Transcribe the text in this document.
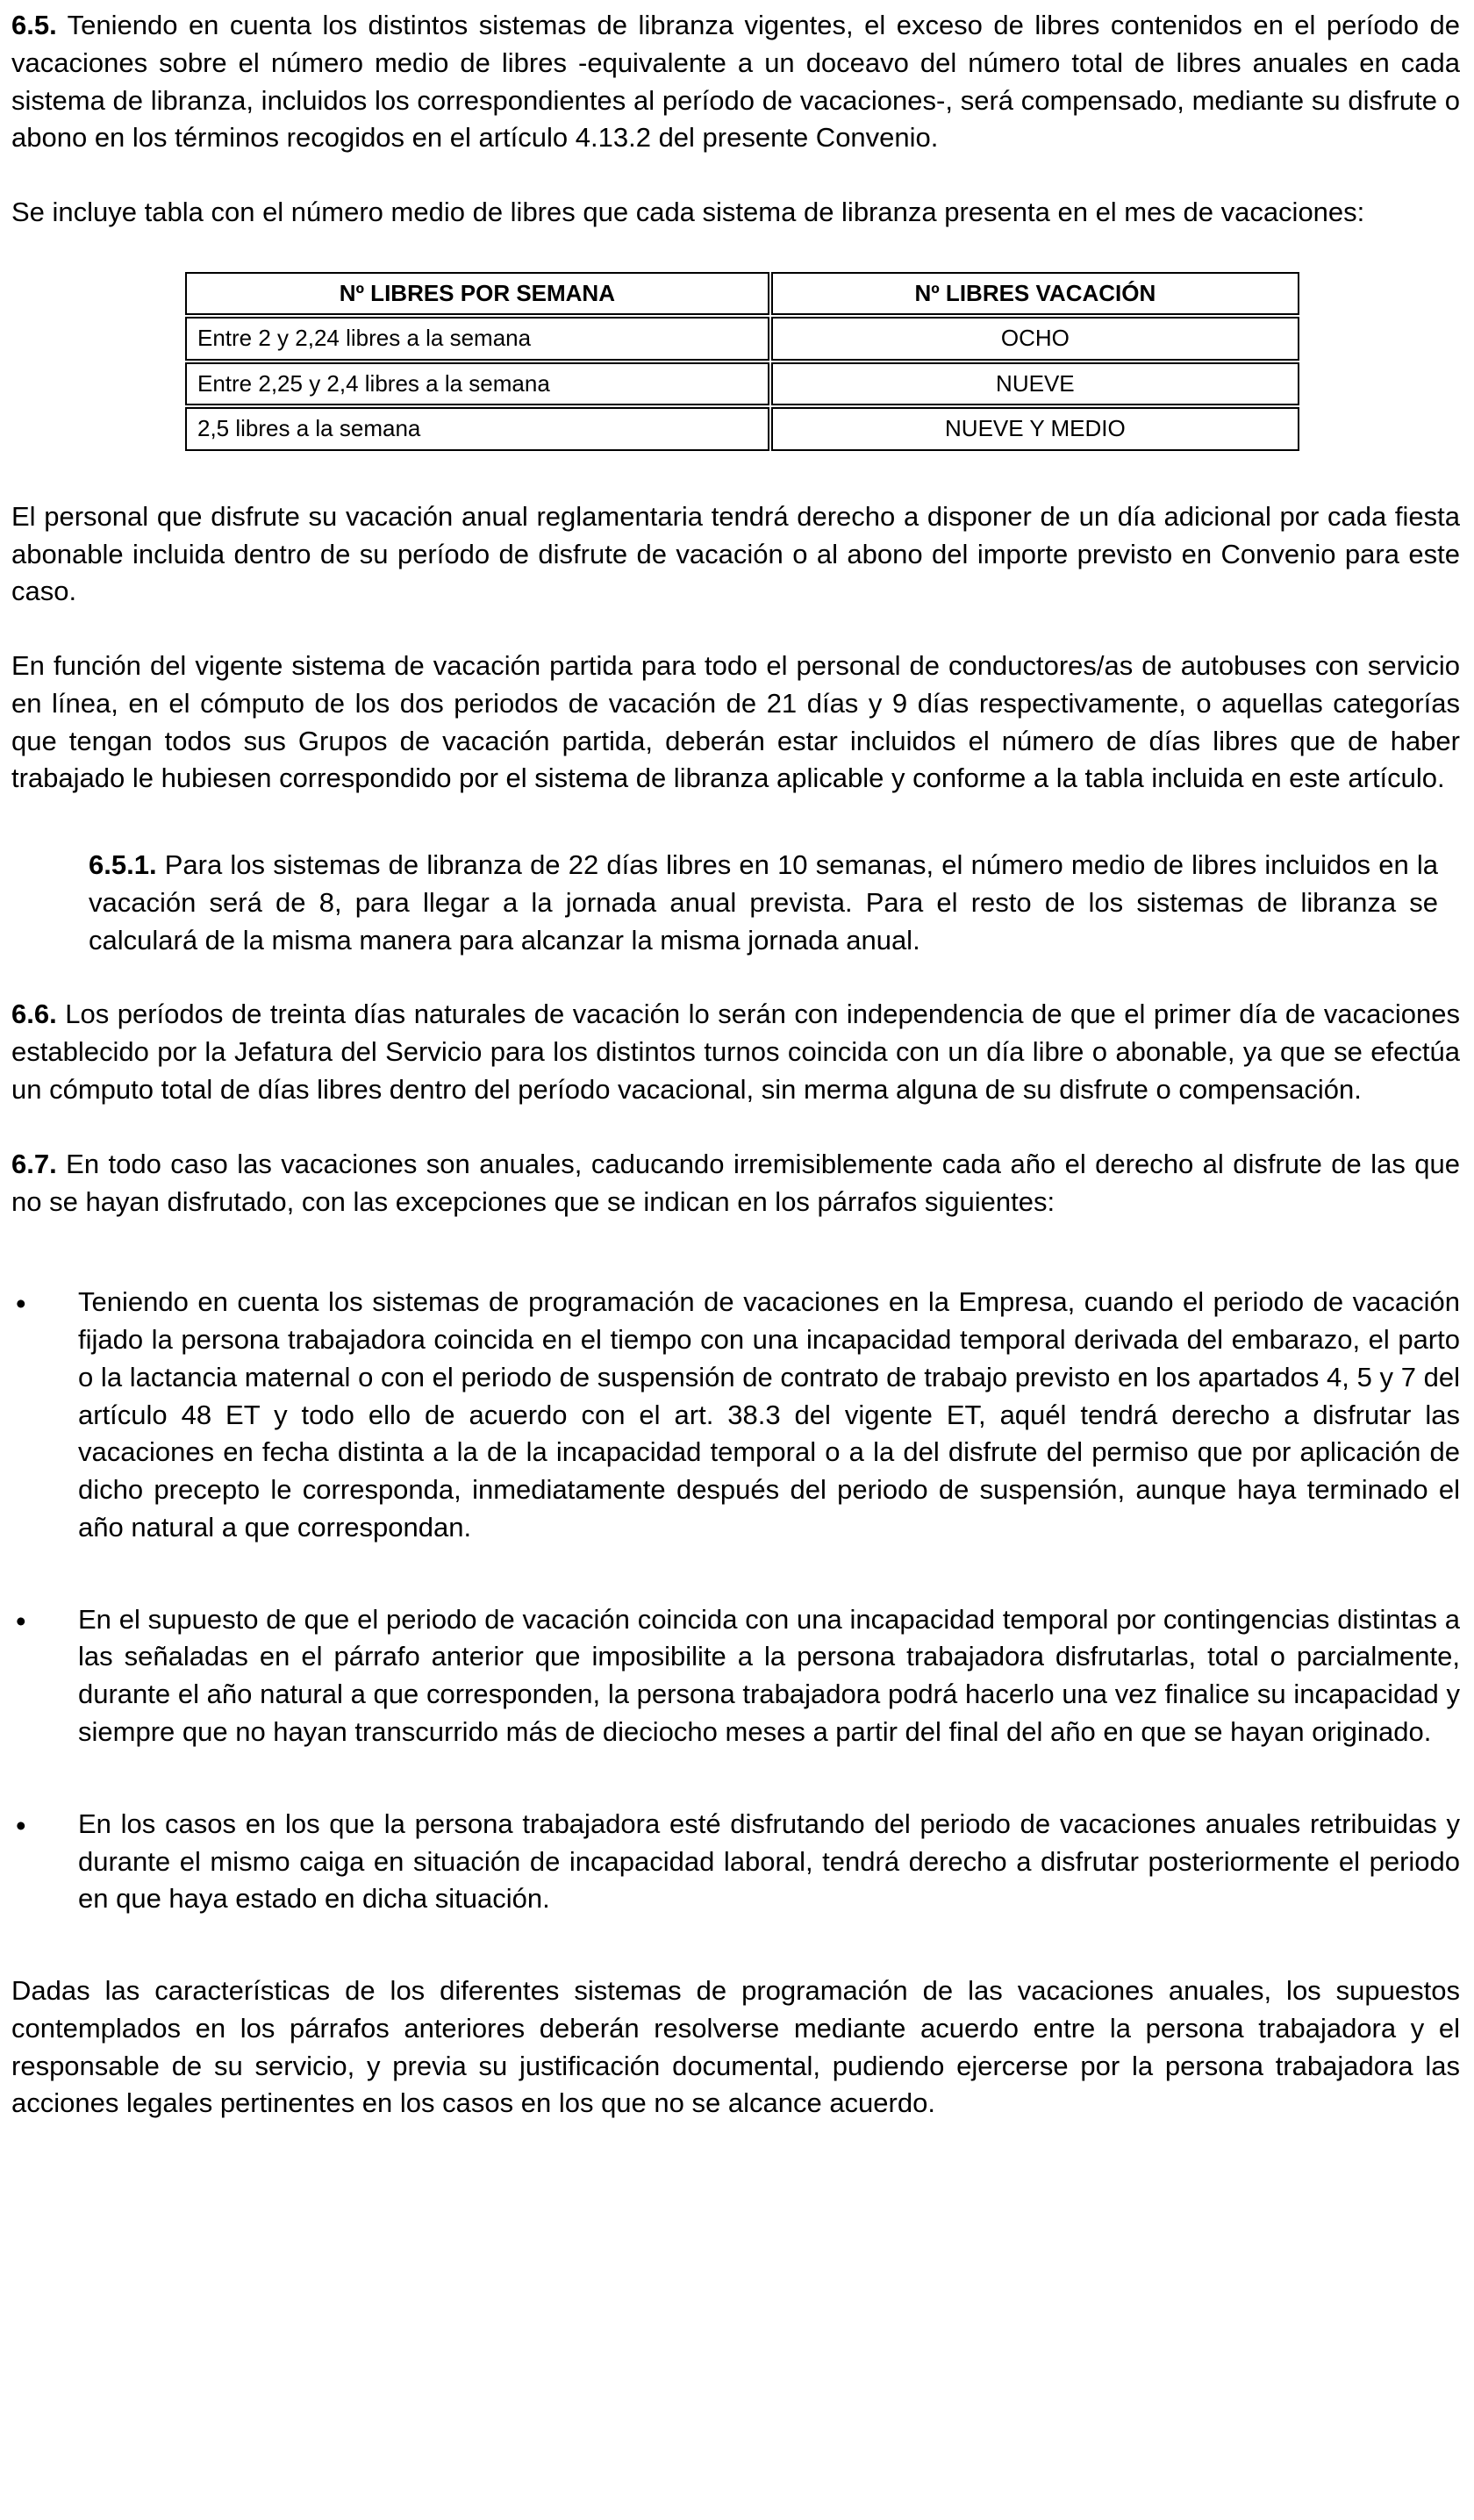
6.5. Teniendo en cuenta los distintos sistemas de libranza vigentes, el exceso de libres contenidos en el período de vacaciones sobre el número medio de libres -equivalente a un doceavo del número total de libres anuales en cada sistema de libranza, incluidos los correspondientes al período de vacaciones-, será compensado, mediante su disfrute o abono en los términos recogidos en el artículo 4.13.2 del presente Convenio.

Se incluye tabla con el número medio de libres que cada sistema de libranza presenta en el mes de vacaciones:

Nº LIBRES POR SEMANA	Nº LIBRES VACACIÓN
Entre 2 y 2,24 libres a la semana	OCHO
Entre 2,25 y 2,4 libres a la semana	NUEVE
2,5 libres a la semana	NUEVE Y MEDIO

El personal que disfrute su vacación anual reglamentaria tendrá derecho a disponer de un día adicional por cada fiesta abonable incluida dentro de su período de disfrute de vacación o al abono del importe previsto en Convenio para este caso.

En función del vigente sistema de vacación partida para todo el personal de conductores/as de autobuses con servicio en línea, en el cómputo de los dos periodos de vacación de 21 días y 9 días respectivamente, o aquellas categorías que tengan todos sus Grupos de vacación partida, deberán estar incluidos el número de días libres que de haber trabajado le hubiesen correspondido por el sistema de libranza aplicable y conforme a la tabla incluida en este artículo.

6.5.1. Para los sistemas de libranza de 22 días libres en 10 semanas, el número medio de libres incluidos en la vacación será de 8, para llegar a la jornada anual prevista. Para el resto de los sistemas de libranza se calculará de la misma manera para alcanzar la misma jornada anual.

6.6. Los períodos de treinta días naturales de vacación lo serán con independencia de que el primer día de vacaciones establecido por la Jefatura del Servicio para los distintos turnos coincida con un día libre o abonable, ya que se efectúa un cómputo total de días libres dentro del período vacacional, sin merma alguna de su disfrute o compensación.

6.7. En todo caso las vacaciones son anuales, caducando irremisiblemente cada año el derecho al disfrute de las que no se hayan disfrutado, con las excepciones que se indican en los párrafos siguientes:

•	Teniendo en cuenta los sistemas de programación de vacaciones en la Empresa, cuando el periodo de vacación fijado la persona trabajadora coincida en el tiempo con una incapacidad temporal derivada del embarazo, el parto o la lactancia maternal o con el periodo de suspensión de contrato de trabajo previsto en los apartados 4, 5 y 7 del artículo 48 ET y todo ello de acuerdo con el art. 38.3 del vigente ET, aquél tendrá derecho a disfrutar las vacaciones en fecha distinta a la de la incapacidad temporal o a la del disfrute del permiso que por aplicación de dicho precepto le corresponda, inmediatamente después del periodo de suspensión, aunque haya terminado el año natural a que correspondan.
•	En el supuesto de que el periodo de vacación coincida con una incapacidad temporal por contingencias distintas a las señaladas en el párrafo anterior que imposibilite a la persona trabajadora disfrutarlas, total o parcialmente, durante el año natural a que corresponden, la persona trabajadora podrá hacerlo una vez finalice su incapacidad y siempre que no hayan transcurrido más de dieciocho meses a partir del final del año en que se hayan originado.
•	En los casos en los que la persona trabajadora esté disfrutando del periodo de vacaciones anuales retribuidas y durante el mismo caiga en situación de incapacidad laboral, tendrá derecho a disfrutar posteriormente el periodo en que haya estado en dicha situación.

Dadas las características de los diferentes sistemas de programación de las vacaciones anuales, los supuestos contemplados en los párrafos anteriores deberán resolverse mediante acuerdo entre la persona trabajadora y el responsable de su servicio, y previa su justificación documental, pudiendo ejercerse por la persona trabajadora las acciones legales pertinentes en los casos en los que no se alcance acuerdo.
